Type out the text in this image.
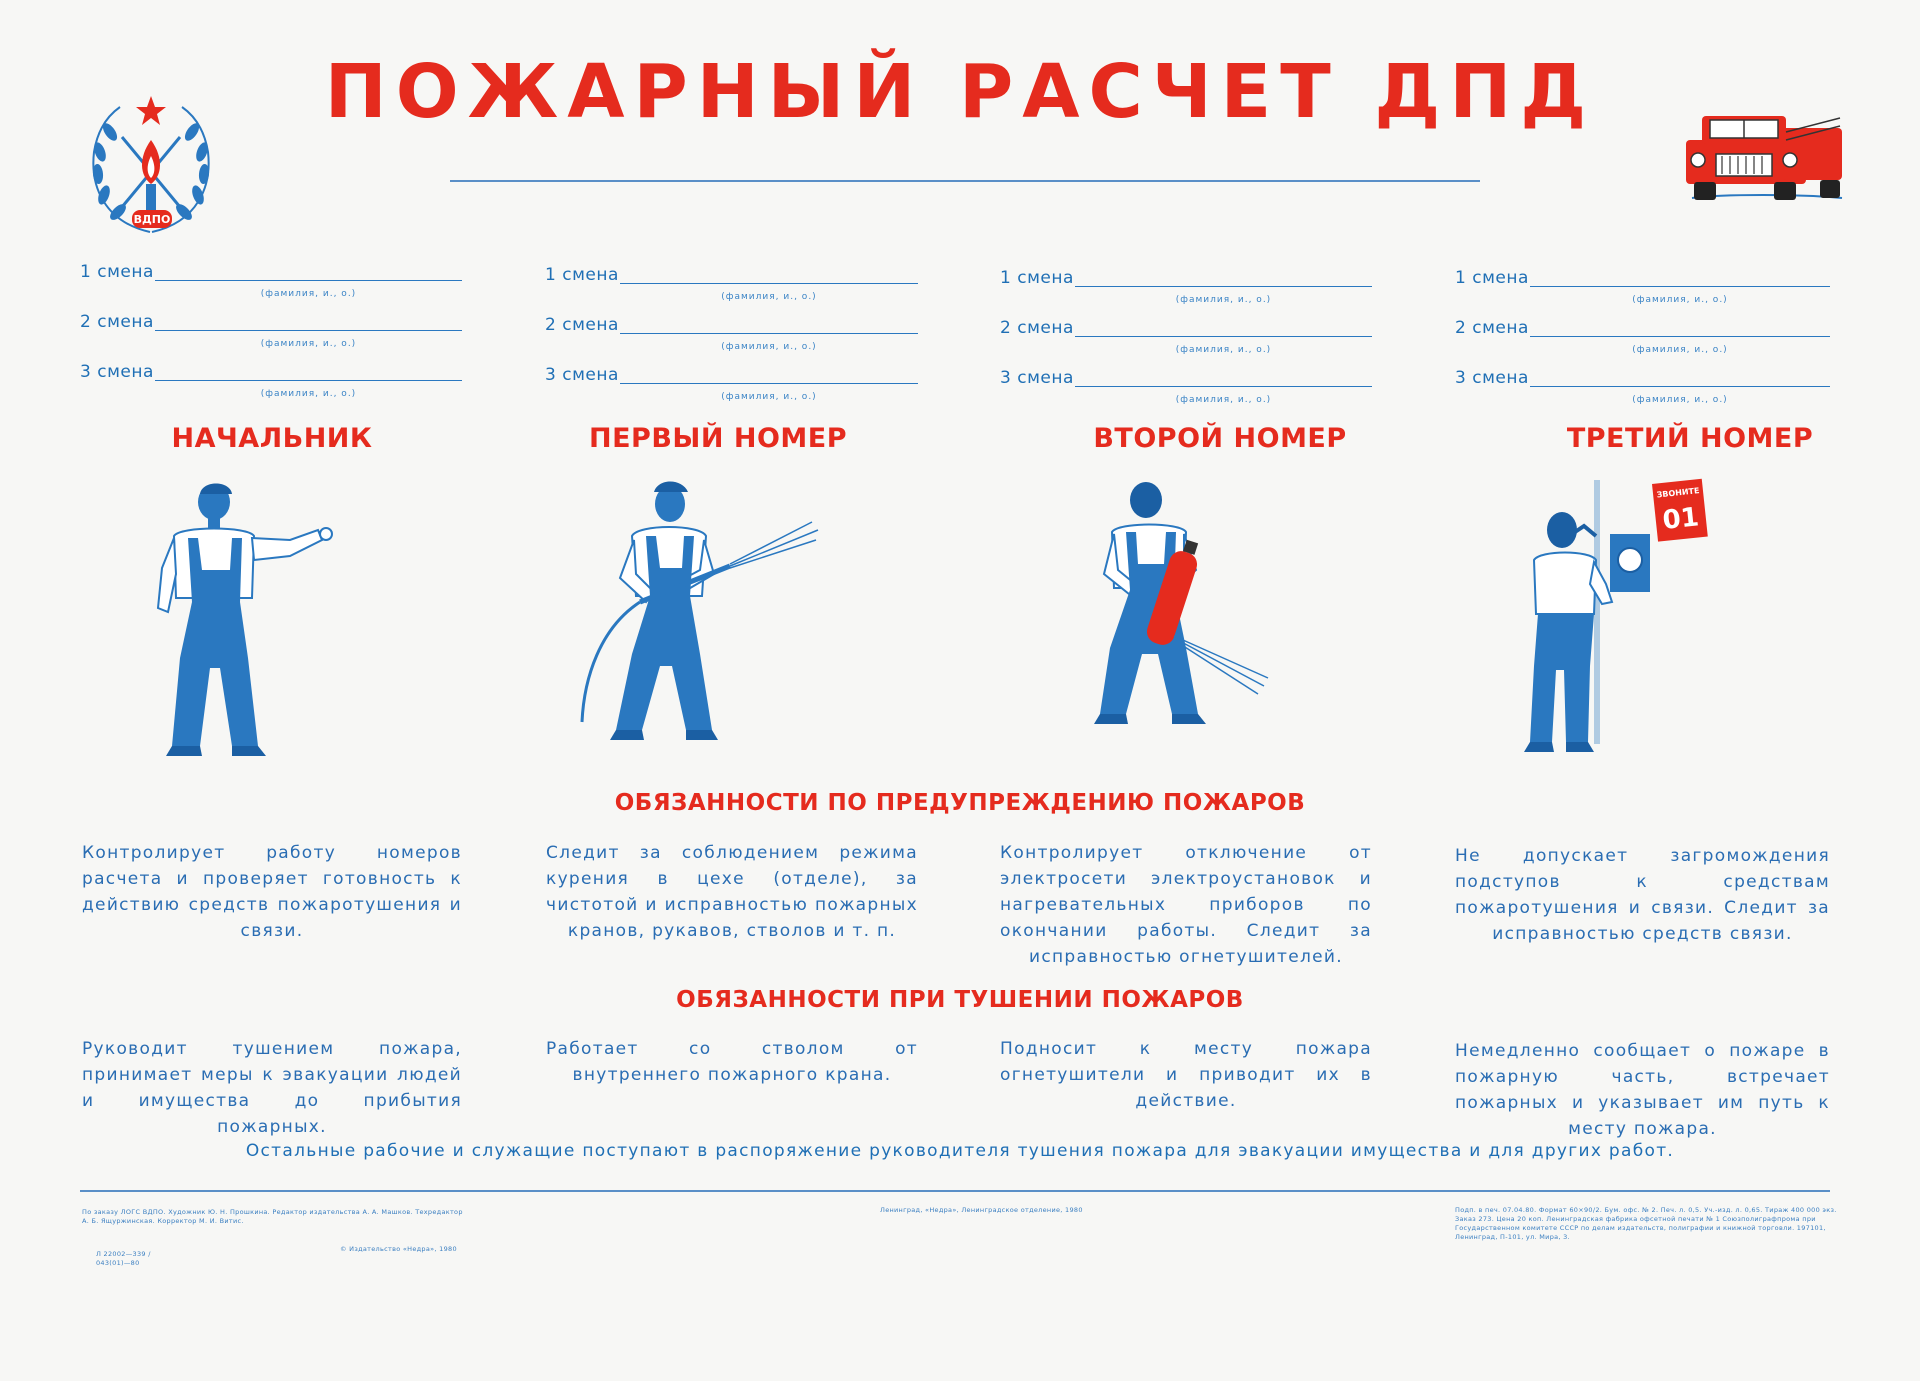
ПОЖАРНЫЙ РАСЧЕТ ДПД
ВДПО
1 смена
(фамилия, и., о.)
2 смена
(фамилия, и., о.)
3 смена
(фамилия, и., о.)
1 смена
(фамилия, и., о.)
2 смена
(фамилия, и., о.)
3 смена
(фамилия, и., о.)
1 смена
(фамилия, и., о.)
2 смена
(фамилия, и., о.)
3 смена
(фамилия, и., о.)
1 смена
(фамилия, и., о.)
2 смена
(фамилия, и., о.)
3 смена
(фамилия, и., о.)
НАЧАЛЬНИК	ПЕРВЫЙ НОМЕР	ВТОРОЙ НОМЕР	ТРЕТИЙ НОМЕР
ЗВОНИТЕ
01
ОБЯЗАННОСТИ ПО ПРЕДУПРЕЖДЕНИЮ ПОЖАРОВ
Контролирует работу номеров расчета и проверяет готовность к действию средств пожаротушения и связи.
Следит за соблюдением режима курения в цехе (отделе), за чистотой и исправностью пожарных кранов, рукавов, стволов и т. п.
Контролирует отключение от электросети электроустановок и нагревательных приборов по окончании работы. Следит за исправностью огнетушителей.
Не допускает загромождения подступов к средствам пожаротушения и связи. Следит за исправностью средств связи.
ОБЯЗАННОСТИ ПРИ ТУШЕНИИ ПОЖАРОВ
Руководит тушением пожара, принимает меры к эвакуации людей и имущества до прибытия пожарных.
Работает со стволом от внутреннего пожарного крана.
Подносит к месту пожара огнетушители и приводит их в действие.
Немедленно сообщает о пожаре в пожарную часть, встречает пожарных и указывает им путь к месту пожара.
Остальные рабочие и служащие поступают в распоряжение руководителя тушения пожара для эвакуации имущества и для других работ.
По заказу ЛОГС ВДПО. Художник Ю. Н. Прошкина. Редактор издательства А. А. Машков. Техредактор А. Б. Ящуржинская. Корректор М. И. Витис.
Л 22002—339 / 043(01)—80
© Издательство «Недра», 1980
Ленинград, «Недра», Ленинградское отделение, 1980	Подп. в печ. 07.04.80. Формат 60×90/2. Бум. офс. № 2. Печ. л. 0,5. Уч.-изд. л. 0,65. Тираж 400 000 экз. Заказ 273. Цена 20 коп. Ленинградская фабрика офсетной печати № 1 Союзполиграфпрома при Государственном комитете СССР по делам издательств, полиграфии и книжной торговли. 197101, Ленинград, П-101, ул. Мира, 3.
